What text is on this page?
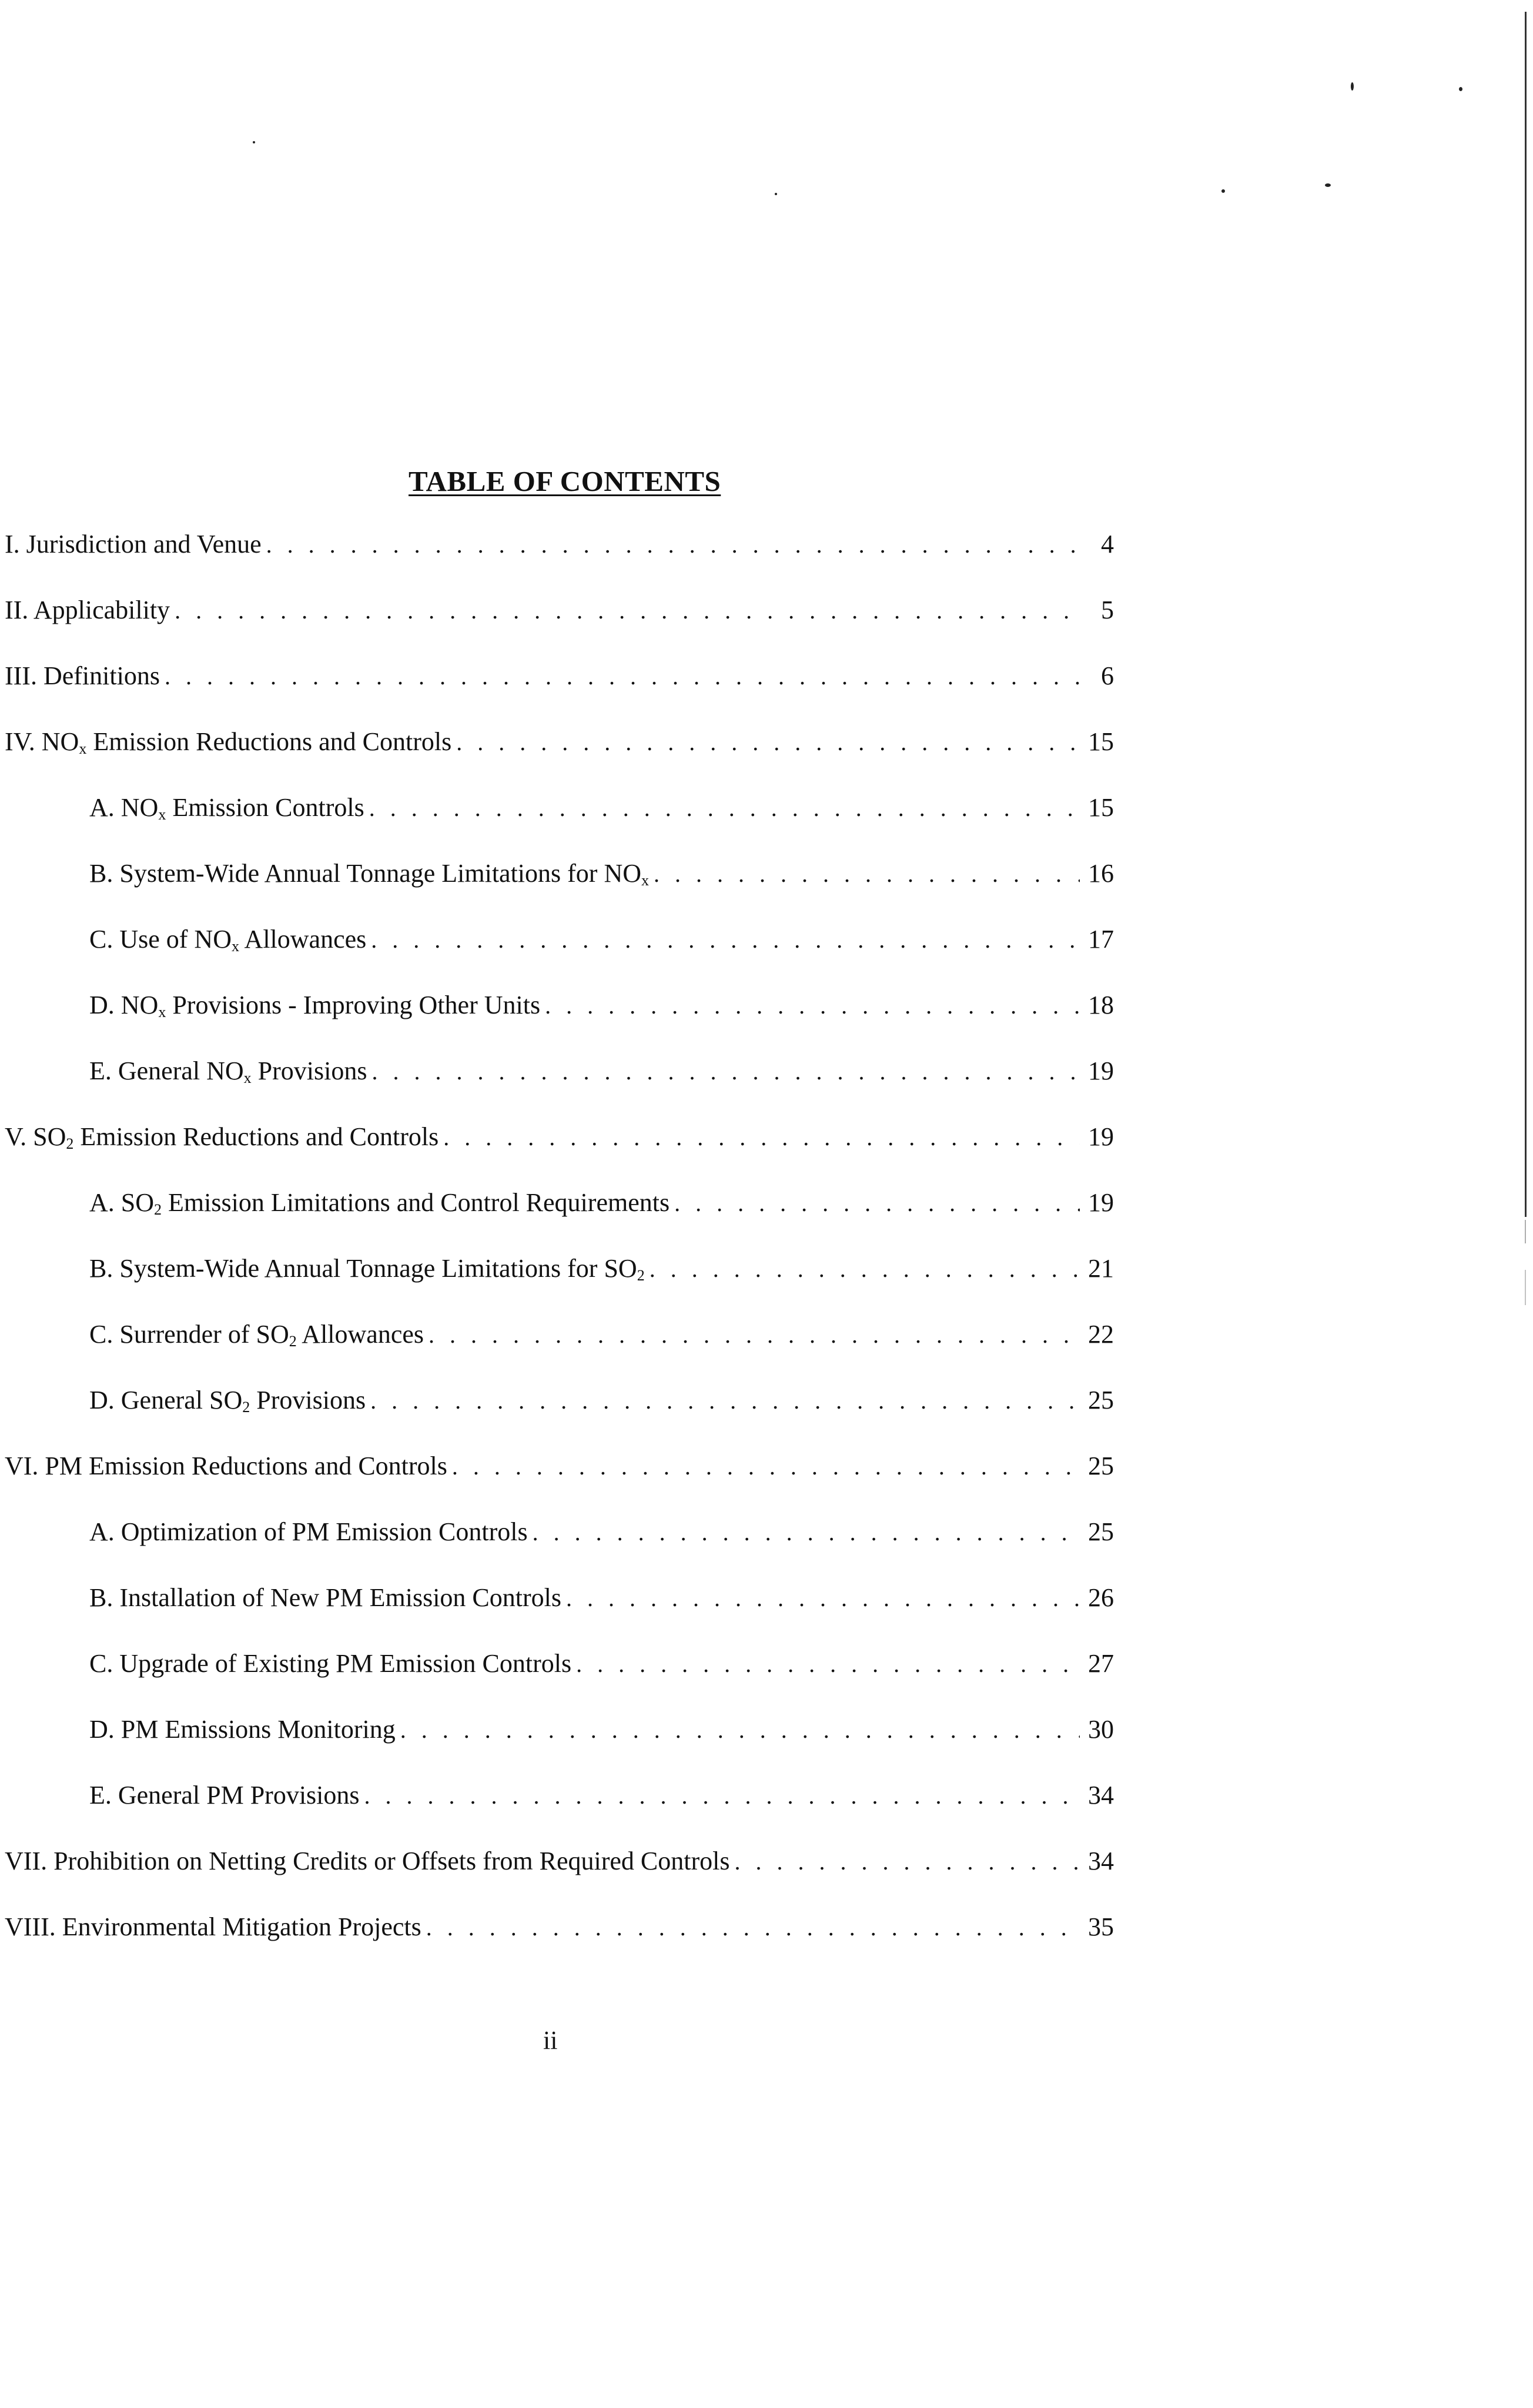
TABLE OF CONTENTS
I. Jurisdiction and Venue . . .	4
II. Applicability . . .	5
III. Definitions . . .	6
IV. $NO_x$ Emission Reductions and Controls . . .	15
A. $NO_x$ Emission Controls . . .	15
B. System-Wide Annual Tonnage Limitations for $NO_x$ . . .	16
C. Use of $NO_x$ Allowances . . .	17
D. $NO_x$ Provisions - Improving Other Units . . .	18
E. General $NO_x$ Provisions . . .	19
V. $SO_2$ Emission Reductions and Controls . . .	19
A. $SO_2$ Emission Limitations and Control Requirements . . .	19
B. System-Wide Annual Tonnage Limitations for $SO_2$ . . .	21
C. Surrender of $SO_2$ Allowances . . .	22
D. General $SO_2$ Provisions . . .	25
VI. PM Emission Reductions and Controls . . .	25
A. Optimization of PM Emission Controls . . .	25
B. Installation of New PM Emission Controls . . .	26
C. Upgrade of Existing PM Emission Controls . . .	27
D. PM Emissions Monitoring . . .	30
E. General PM Provisions . . .	34
VII. Prohibition on Netting Credits or Offsets from Required Controls . . .	34
VIII. Environmental Mitigation Projects . . .	35
ii
